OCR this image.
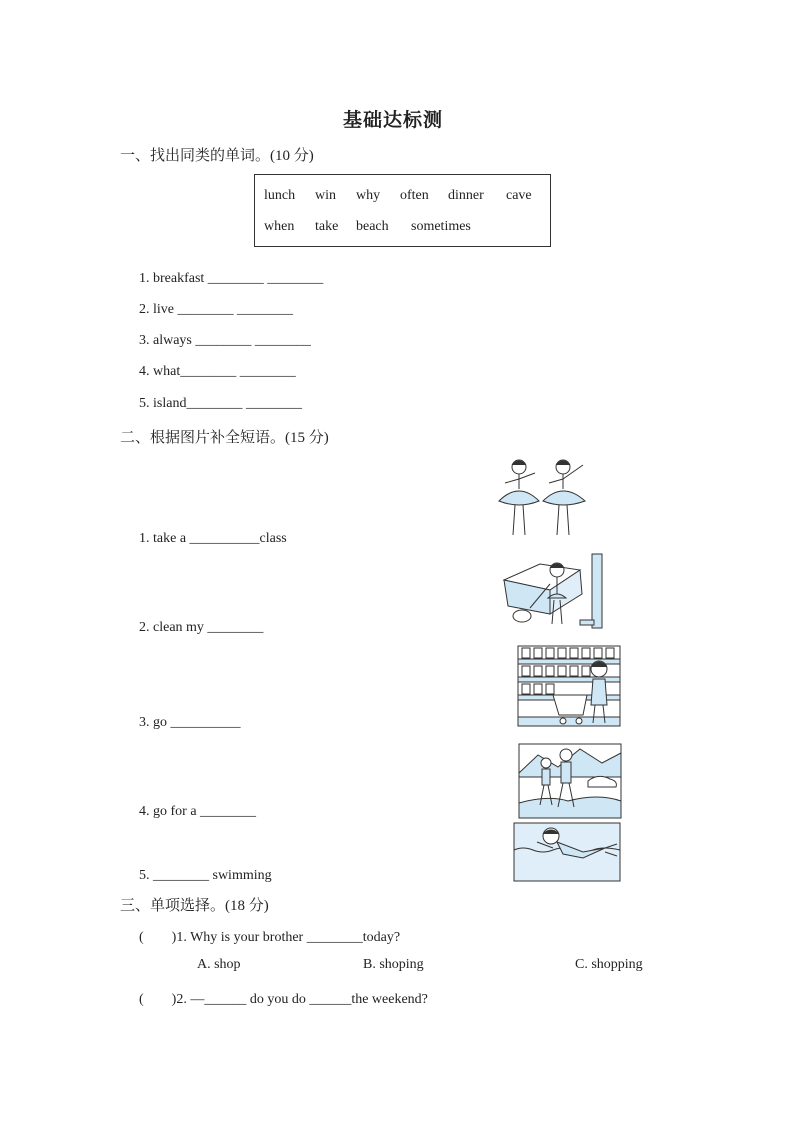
基础达标测
一、找出同类的单词。(10 分)
lunch win why often dinner cave
when take beach sometimes
1. breakfast ________ ________
2. live ________ ________
3. always ________ ________
4. what________ ________
5. island________ ________
二、根据图片补全短语。(15 分)
1. take a __________class
2. clean my ________
3. go __________
4. go for a ________
5. ________ swimming
三、单项选择。(18 分)
(　　)1. Why is your brother ________today?
A. shop	B. shoping	C. shopping
(　　)2. —______ do you do ______the weekend?
